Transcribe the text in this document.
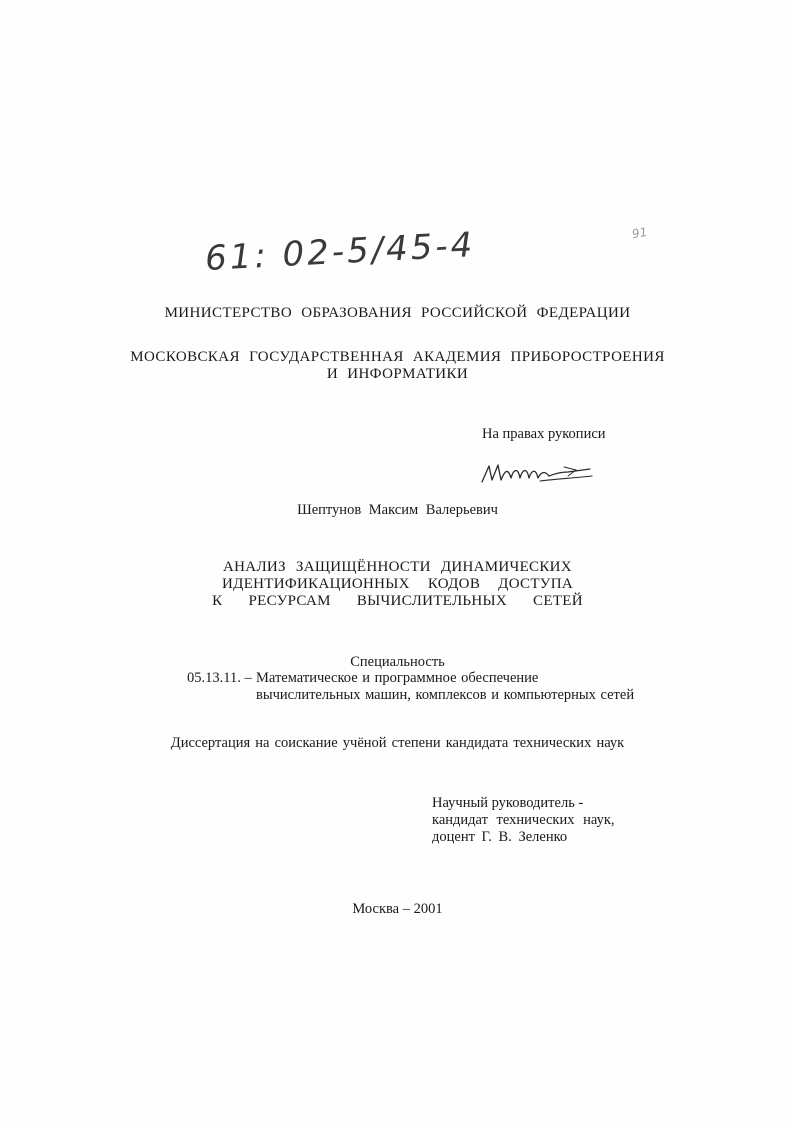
61: 02-5/45-4	91
МИНИСТЕРСТВО ОБРАЗОВАНИЯ РОССИЙСКОЙ ФЕДЕРАЦИИ
МОСКОВСКАЯ ГОСУДАРСТВЕННАЯ АКАДЕМИЯ ПРИБОРОСТРОЕНИЯ
И ИНФОРМАТИКИ
На правах рукописи
Шептунов Максим Валерьевич
АНАЛИЗ ЗАЩИЩЁННОСТИ ДИНАМИЧЕСКИХ
ИДЕНТИФИКАЦИОННЫХ КОДОВ ДОСТУПА
К РЕСУРСАМ ВЫЧИСЛИТЕЛЬНЫХ СЕТЕЙ
Специальность
05.13.11. – Математическое и программное обеспечение
вычислительных машин, комплексов и компьютерных сетей
Диссертация на соискание учёной степени кандидата технических наук
Научный руководитель -
кандидат технических наук,
доцент Г. В. Зеленко
Москва – 2001
